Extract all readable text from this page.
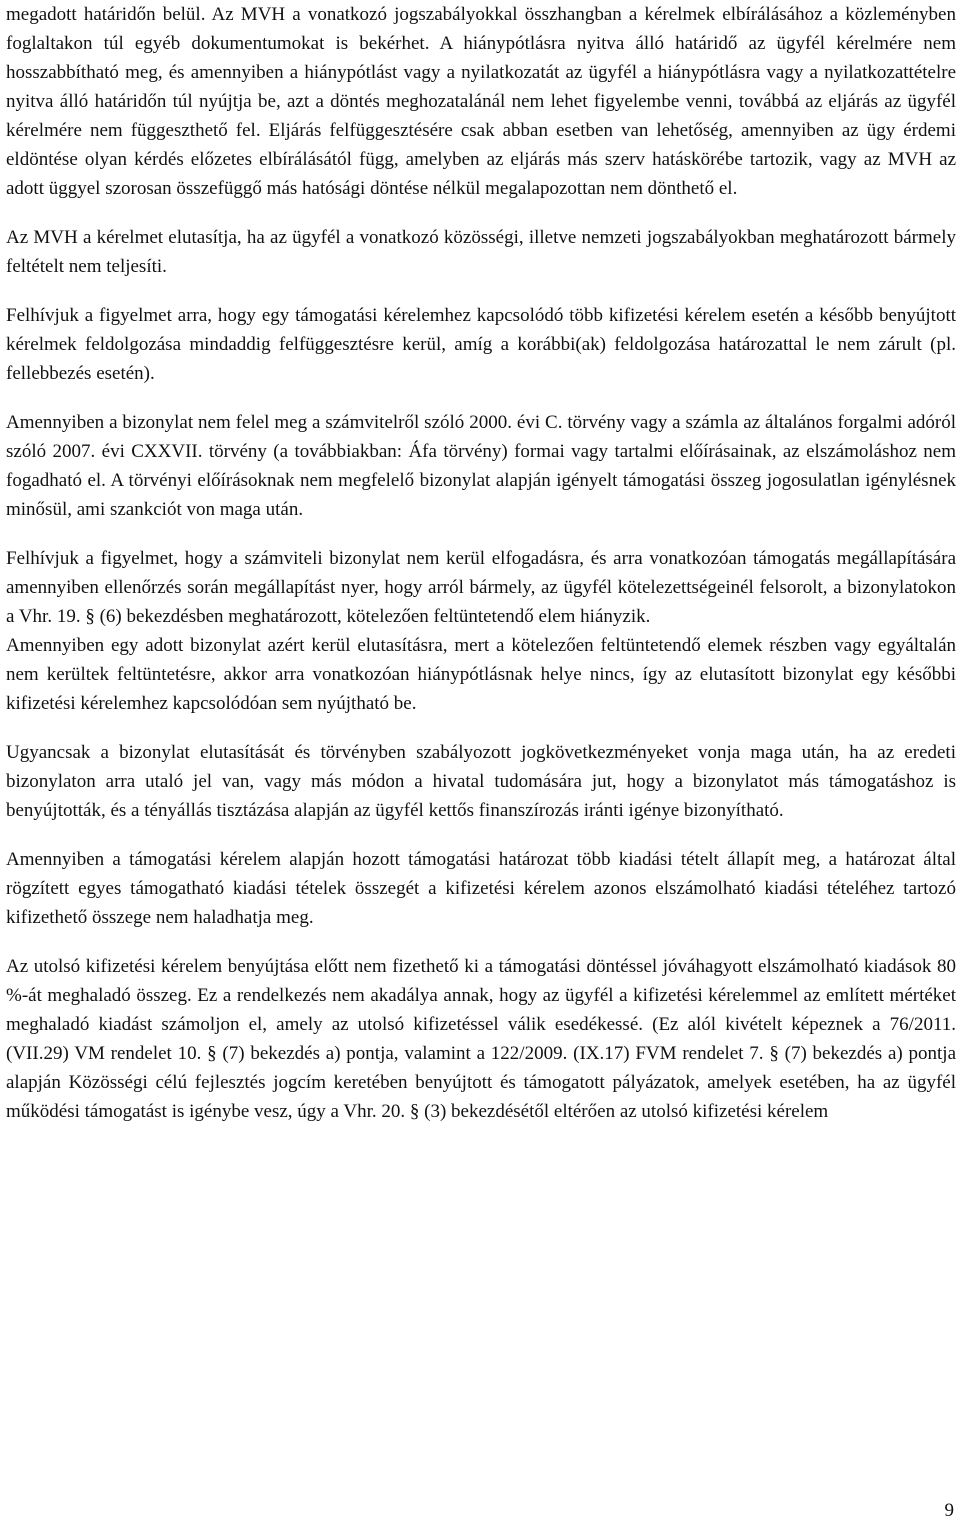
megadott határidőn belül. Az MVH a vonatkozó jogszabályokkal összhangban a kérelmek elbírálásához a közleményben foglaltakon túl egyéb dokumentumokat is bekérhet. A hiánypótlásra nyitva álló határidő az ügyfél kérelmére nem hosszabbítható meg, és amennyiben a hiánypótlást vagy a nyilatkozatát az ügyfél a hiánypótlásra vagy a nyilatkozattételre nyitva álló határidőn túl nyújtja be, azt a döntés meghozatalánál nem lehet figyelembe venni, továbbá az eljárás az ügyfél kérelmére nem függeszthető fel. Eljárás felfüggesztésére csak abban esetben van lehetőség, amennyiben az ügy érdemi eldöntése olyan kérdés előzetes elbírálásától függ, amelyben az eljárás más szerv hatáskörébe tartozik, vagy az MVH az adott üggyel szorosan összefüggő más hatósági döntése nélkül megalapozottan nem dönthető el.

Az MVH a kérelmet elutasítja, ha az ügyfél a vonatkozó közösségi, illetve nemzeti jogszabályokban meghatározott bármely feltételt nem teljesíti.

Felhívjuk a figyelmet arra, hogy egy támogatási kérelemhez kapcsolódó több kifizetési kérelem esetén a később benyújtott kérelmek feldolgozása mindaddig felfüggesztésre kerül, amíg a korábbi(ak) feldolgozása határozattal le nem zárult (pl. fellebbezés esetén).

Amennyiben a bizonylat nem felel meg a számvitelről szóló 2000. évi C. törvény vagy a számla az általános forgalmi adóról szóló 2007. évi CXXVII. törvény (a továbbiakban: Áfa törvény) formai vagy tartalmi előírásainak, az elszámoláshoz nem fogadható el. A törvényi előírásoknak nem megfelelő bizonylat alapján igényelt támogatási összeg jogosulatlan igénylésnek minősül, ami szankciót von maga után.

Felhívjuk a figyelmet, hogy a számviteli bizonylat nem kerül elfogadásra, és arra vonatkozóan támogatás megállapítására amennyiben ellenőrzés során megállapítást nyer, hogy arról bármely, az ügyfél kötelezettségeinél felsorolt, a bizonylatokon a Vhr. 19. § (6) bekezdésben meghatározott, kötelezően feltüntetendő elem hiányzik.

Amennyiben egy adott bizonylat azért kerül elutasításra, mert a kötelezően feltüntetendő elemek részben vagy egyáltalán nem kerültek feltüntetésre, akkor arra vonatkozóan hiánypótlásnak helye nincs, így az elutasított bizonylat egy későbbi kifizetési kérelemhez kapcsolódóan sem nyújtható be.

Ugyancsak a bizonylat elutasítását és törvényben szabályozott jogkövetkezményeket vonja maga után, ha az eredeti bizonylaton arra utaló jel van, vagy más módon a hivatal tudomására jut, hogy a bizonylatot más támogatáshoz is benyújtották, és a tényállás tisztázása alapján az ügyfél kettős finanszírozás iránti igénye bizonyítható.

Amennyiben a támogatási kérelem alapján hozott támogatási határozat több kiadási tételt állapít meg, a határozat által rögzített egyes támogatható kiadási tételek összegét a kifizetési kérelem azonos elszámolható kiadási tételéhez tartozó kifizethető összege nem haladhatja meg.

Az utolsó kifizetési kérelem benyújtása előtt nem fizethető ki a támogatási döntéssel jóváhagyott elszámolható kiadások 80 %-át meghaladó összeg. Ez a rendelkezés nem akadálya annak, hogy az ügyfél a kifizetési kérelemmel az említett mértéket meghaladó kiadást számoljon el, amely az utolsó kifizetéssel válik esedékessé. (Ez alól kivételt képeznek a 76/2011. (VII.29) VM rendelet 10. § (7) bekezdés a) pontja, valamint a 122/2009. (IX.17) FVM rendelet 7. § (7) bekezdés a) pontja alapján Közösségi célú fejlesztés jogcím keretében benyújtott és támogatott pályázatok, amelyek esetében, ha az ügyfél működési támogatást is igénybe vesz, úgy a Vhr. 20. § (3) bekezdésétől eltérően az utolsó kifizetési kérelem

9
